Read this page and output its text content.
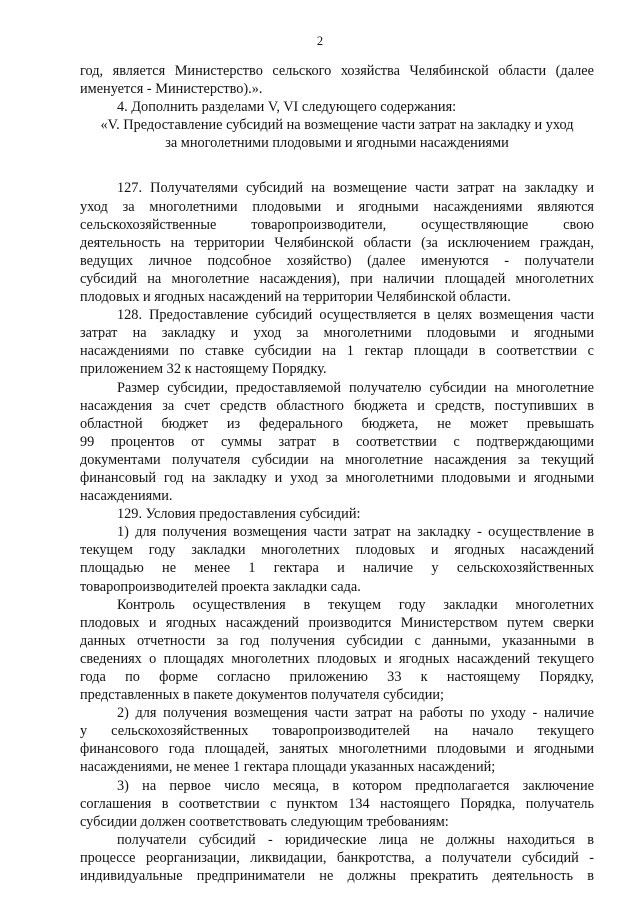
2
год, является Министерство сельского хозяйства Челябинской области (далее
именуется - Министерство).».
4. Дополнить разделами V, VI следующего содержания:
«V. Предоставление субсидий на возмещение части затрат на закладку и уход
за многолетними плодовыми и ягодными насаждениями
127. Получателями субсидий на возмещение части затрат на закладку и
уход за многолетними плодовыми и ягодными насаждениями являются
сельскохозяйственные товаропроизводители, осуществляющие свою
деятельность на территории Челябинской области (за исключением граждан,
ведущих личное подсобное хозяйство) (далее именуются - получатели
субсидий на многолетние насаждения), при наличии площадей многолетних
плодовых и ягодных насаждений на территории Челябинской области.
128. Предоставление субсидий осуществляется в целях возмещения части
затрат на закладку и уход за многолетними плодовыми и ягодными
насаждениями по ставке субсидии на 1 гектар площади в соответствии с
приложением 32 к настоящему Порядку.
Размер субсидии, предоставляемой получателю субсидии на многолетние
насаждения за счет средств областного бюджета и средств, поступивших в
областной бюджет из федерального бюджета, не может превышать
99 процентов от суммы затрат в соответствии с подтверждающими
документами получателя субсидии на многолетние насаждения за текущий
финансовый год на закладку и уход за многолетними плодовыми и ягодными
насаждениями.
129. Условия предоставления субсидий:
1) для получения возмещения части затрат на закладку - осуществление в
текущем году закладки многолетних плодовых и ягодных насаждений
площадью не менее 1 гектара и наличие у сельскохозяйственных
товаропроизводителей проекта закладки сада.
Контроль осуществления в текущем году закладки многолетних
плодовых и ягодных насаждений производится Министерством путем сверки
данных отчетности за год получения субсидии с данными, указанными в
сведениях о площадях многолетних плодовых и ягодных насаждений текущего
года по форме согласно приложению 33 к настоящему Порядку,
представленных в пакете документов получателя субсидии;
2) для получения возмещения части затрат на работы по уходу - наличие
у сельскохозяйственных товаропроизводителей на начало текущего
финансового года площадей, занятых многолетними плодовыми и ягодными
насаждениями, не менее 1 гектара площади указанных насаждений;
3) на первое число месяца, в котором предполагается заключение
соглашения в соответствии с пунктом 134 настоящего Порядка, получатель
субсидии должен соответствовать следующим требованиям:
получатели субсидий - юридические лица не должны находиться в
процессе реорганизации, ликвидации, банкротства, а получатели субсидий -
индивидуальные предприниматели не должны прекратить деятельность в
